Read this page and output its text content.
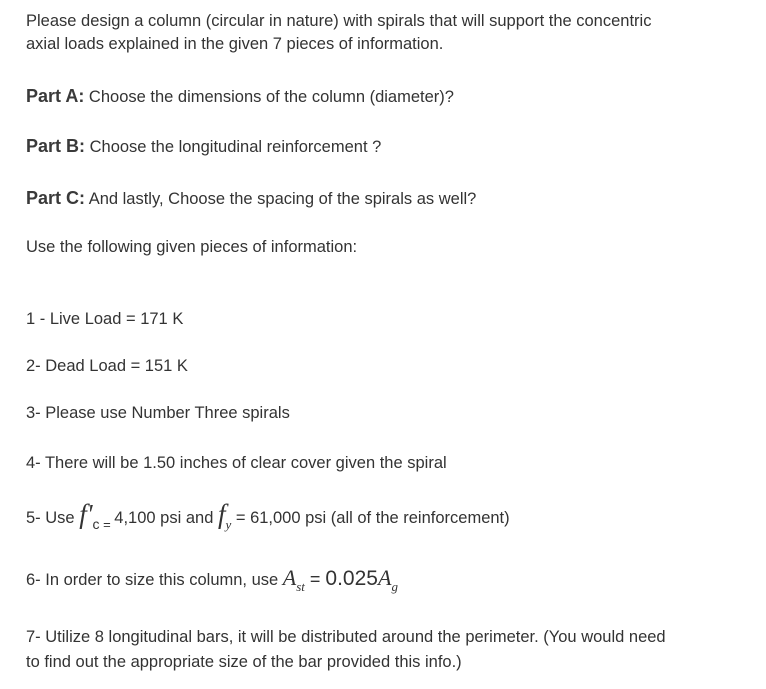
Please design a column (circular in nature) with spirals that will support the concentric
axial loads explained in the given 7 pieces of information.
Part A: Choose the dimensions of the column (diameter)?
Part B: Choose the longitudinal reinforcement ?
Part C: And lastly, Choose the spacing of the spirals as well?
Use the following given pieces of information:
1 - Live Load = 171 K
2- Dead Load = 151 K
3- Please use Number Three spirals
4- There will be 1.50 inches of clear cover given the spiral
5- Use $f'_c$ $_=$ 4,100 psi and $f_y = 61,000$ psi (all of the reinforcement)
6- In order to size this column, use $A_{st} = 0.025A_g$
7- Utilize 8 longitudinal bars, it will be distributed around the perimeter. (You would need
to find out the appropriate size of the bar provided this info.)
